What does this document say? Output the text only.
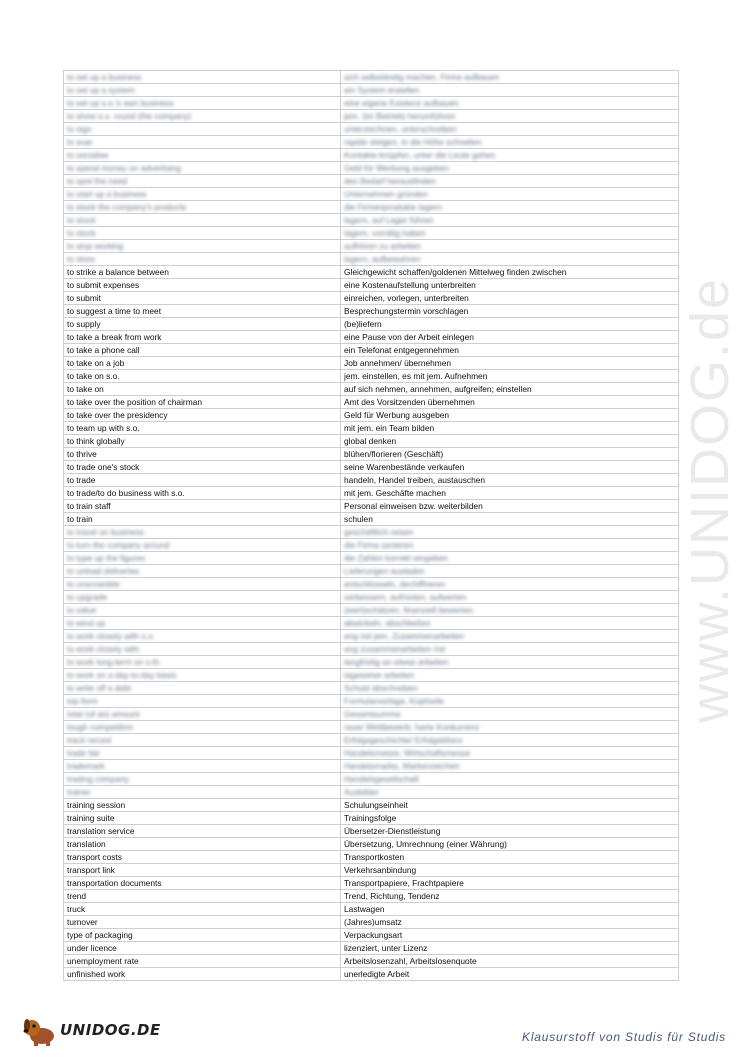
www.UNIDOG.de
to set up a business	sich selbständig machen, Firma aufbauen
to set up a system	ein System erstellen
to set up s.o.'s own business	eine eigene Existenz aufbauen
to show s.o. round (the company)	jem. (im Betrieb) herumführen
to sign	unterzeichnen, unterschreiben
to soar	rapide steigen, in die Höhe schnellen
to socialise	Kontakte knüpfen, unter die Leute gehen
to spend money on advertising	Geld für Werbung ausgeben
to spot the need	den Bedarf herausfinden
to start up a business	Unternehmen gründen
to stock the company's products	die Firmenprodukte lagern
to stock	lagern, auf Lager führen
to stock	lagern, vorrätig haben
to stop working	aufhören zu arbeiten
to store	lagern, aufbewahren
to strike a balance between	Gleichgewicht schaffen/goldenen Mittelweg finden zwischen
to submit expenses	eine Kostenaufstellung unterbreiten
to submit	einreichen, vorlegen, unterbreiten
to suggest a time to meet	Besprechungstermin vorschlagen
to supply	(be)liefern
to take a break from work	eine Pause von der Arbeit einlegen
to take a phone call	ein Telefonat entgegennehmen
to take on a job	Job annehmen/ übernehmen
to take on s.o.	jem. einstellen, es mit jem. Aufnehmen
to take on	auf sich nehmen, annehmen, aufgreifen; einstellen
to take over the position of chairman	Amt des Vorsitzenden übernehmen
to take over the presidency	Geld für Werbung ausgeben
to team up with s.o.	mit jem. ein Team bilden
to think globally	global denken
to thrive	blühen/florieren (Geschäft)
to trade one's stock	seine Warenbestände verkaufen
to trade	handeln, Handel treiben, austauschen
to trade/to do business with s.o.	mit jem. Geschäfte machen
to train staff	Personal einweisen bzw. weiterbilden
to train	schulen
to travel on business	geschäftlich reisen
to turn the company around	die Firma sanieren
to type up the figures	die Zahlen korrekt eingeben
to unload deliveries	Lieferungen ausladen
to unscramble	entschlüsseln, dechiffrieren
to upgrade	verbessern, aufrüsten, aufwerten
to value	(wert)schätzen, finanziell bewerten
to wind up	abwickeln, abschließen
to work closely with s.o.	eng mit jem. Zusammenarbeiten
to work closely with	eng zusammenarbeiten mit
to work long-term on s.th.	langfristig an etwas arbeiten
to work on a day-to-day basis	tageweise arbeiten
to write off a debt	Schuld abschreiben
top form	Formularvorlage, Kopfzeile
total (of an) amount	Gesamtsumme
tough competition	rauer Wettbewerb, harte Konkurrenz
track record	Erfolgsgeschichte/ Erfolgsbilanz
trade fair	Handelsmesse, Wirtschaftsmesse
trademark	Handelsmarke, Markenzeichen
trading company	Handelsgesellschaft
trainer	Ausbilder
training session	Schulungseinheit
training suite	Trainingsfolge
translation service	Übersetzer-Dienstleistung
translation	Übersetzung, Umrechnung (einer Währung)
transport costs	Transportkosten
transport link	Verkehrsanbindung
transportation documents	Transportpapiere, Frachtpapiere
trend	Trend, Richtung, Tendenz
truck	Lastwagen
turnover	(Jahres)umsatz
type of packaging	Verpackungsart
under licence	lizenziert, unter Lizenz
unemployment rate	Arbeitslosenzahl, Arbeitslosenquote
unfinished work	unerledigte Arbeit
UNIDOG.DE	Klausurstoff von Studis für Studis
